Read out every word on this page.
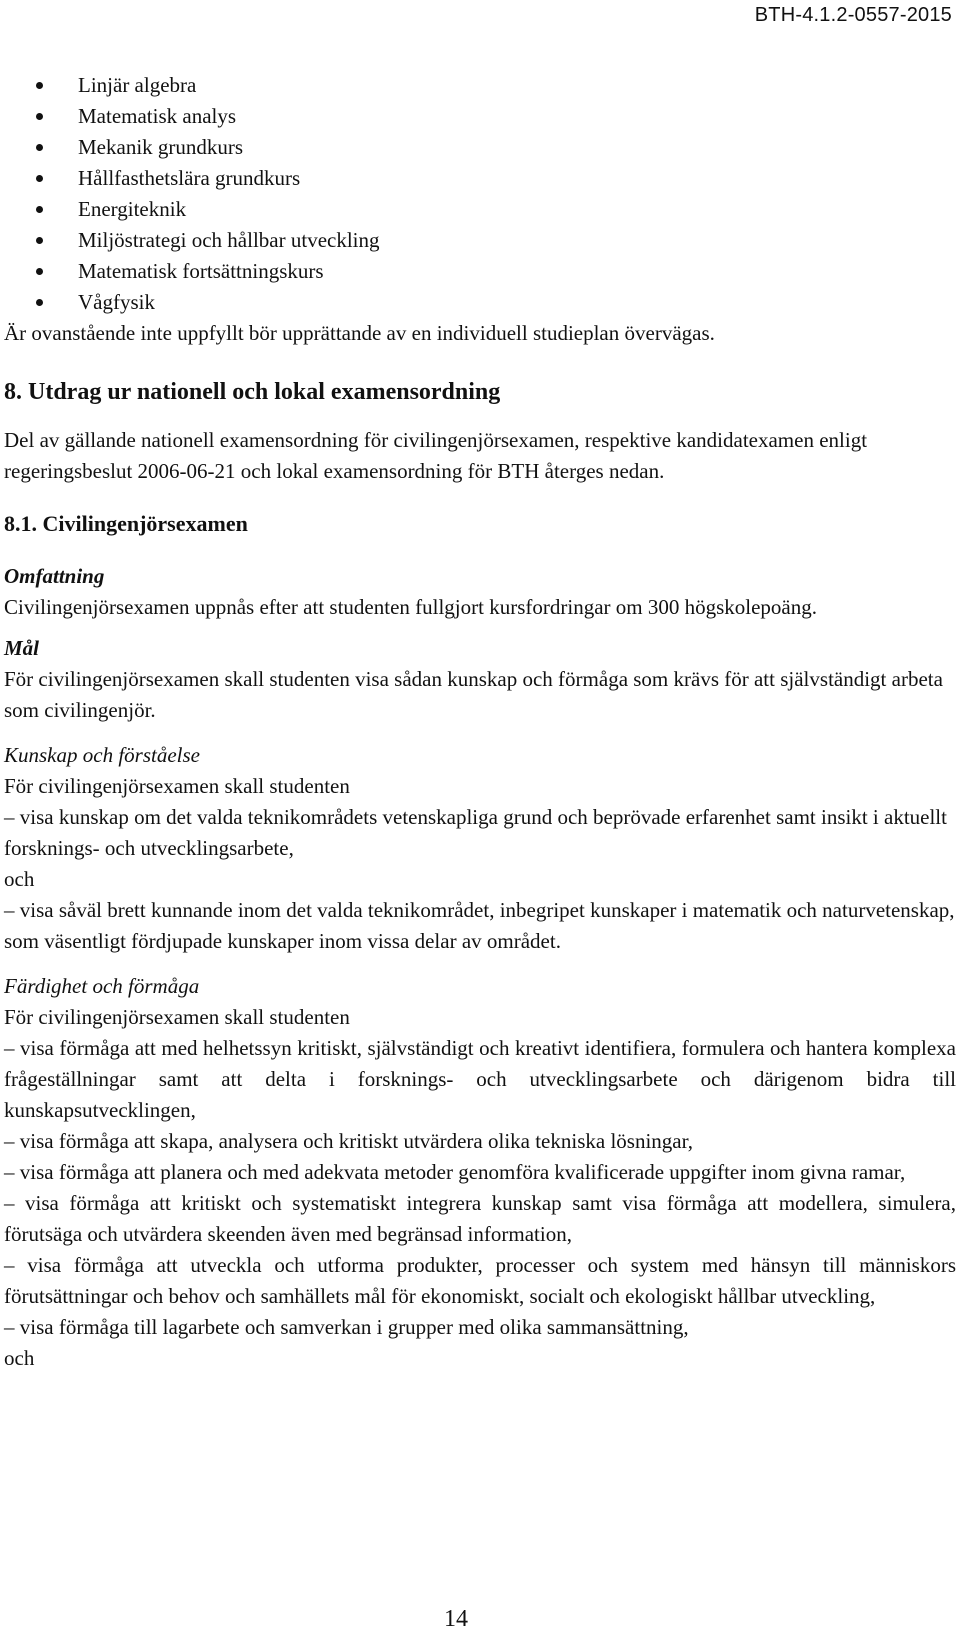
BTH-4.1.2-0557-2015
Linjär algebra
Matematisk analys
Mekanik grundkurs
Hållfasthetslära grundkurs
Energiteknik
Miljöstrategi och hållbar utveckling
Matematisk fortsättningskurs
Vågfysik

Är ovanstående inte uppfyllt bör upprättande av en individuell studieplan övervägas.

8. Utdrag ur nationell och lokal examensordning

Del av gällande nationell examensordning för civilingenjörsexamen, respektive kandidatexamen enligt regeringsbeslut 2006-06-21 och lokal examensordning för BTH återges nedan.

8.1. Civilingenjörsexamen

Omfattning

Civilingenjörsexamen uppnås efter att studenten fullgjort kursfordringar om 300 högskolepoäng.

Mål

För civilingenjörsexamen skall studenten visa sådan kunskap och förmåga som krävs för att självständigt arbeta som civilingenjör.

Kunskap och förståelse

För civilingenjörsexamen skall studenten

– visa kunskap om det valda teknikområdets vetenskapliga grund och beprövade erfarenhet samt insikt i aktuellt forsknings- och utvecklingsarbete,

och

– visa såväl brett kunnande inom det valda teknikområdet, inbegripet kunskaper i matematik och naturvetenskap, som väsentligt fördjupade kunskaper inom vissa delar av området.

Färdighet och förmåga

För civilingenjörsexamen skall studenten

– visa förmåga att med helhetssyn kritiskt, självständigt och kreativt identifiera, formulera och hantera komplexa frågeställningar samt att delta i forsknings- och utvecklingsarbete och därigenom bidra till kunskapsutvecklingen,

– visa förmåga att skapa, analysera och kritiskt utvärdera olika tekniska lösningar,

– visa förmåga att planera och med adekvata metoder genomföra kvalificerade uppgifter inom givna ramar,

– visa förmåga att kritiskt och systematiskt integrera kunskap samt visa förmåga att modellera, simulera, förutsäga och utvärdera skeenden även med begränsad information,

– visa förmåga att utveckla och utforma produkter, processer och system med hänsyn till människors förutsättningar och behov och samhällets mål för ekonomiskt, socialt och ekologiskt hållbar utveckling,

– visa förmåga till lagarbete och samverkan i grupper med olika sammansättning,

och

14
